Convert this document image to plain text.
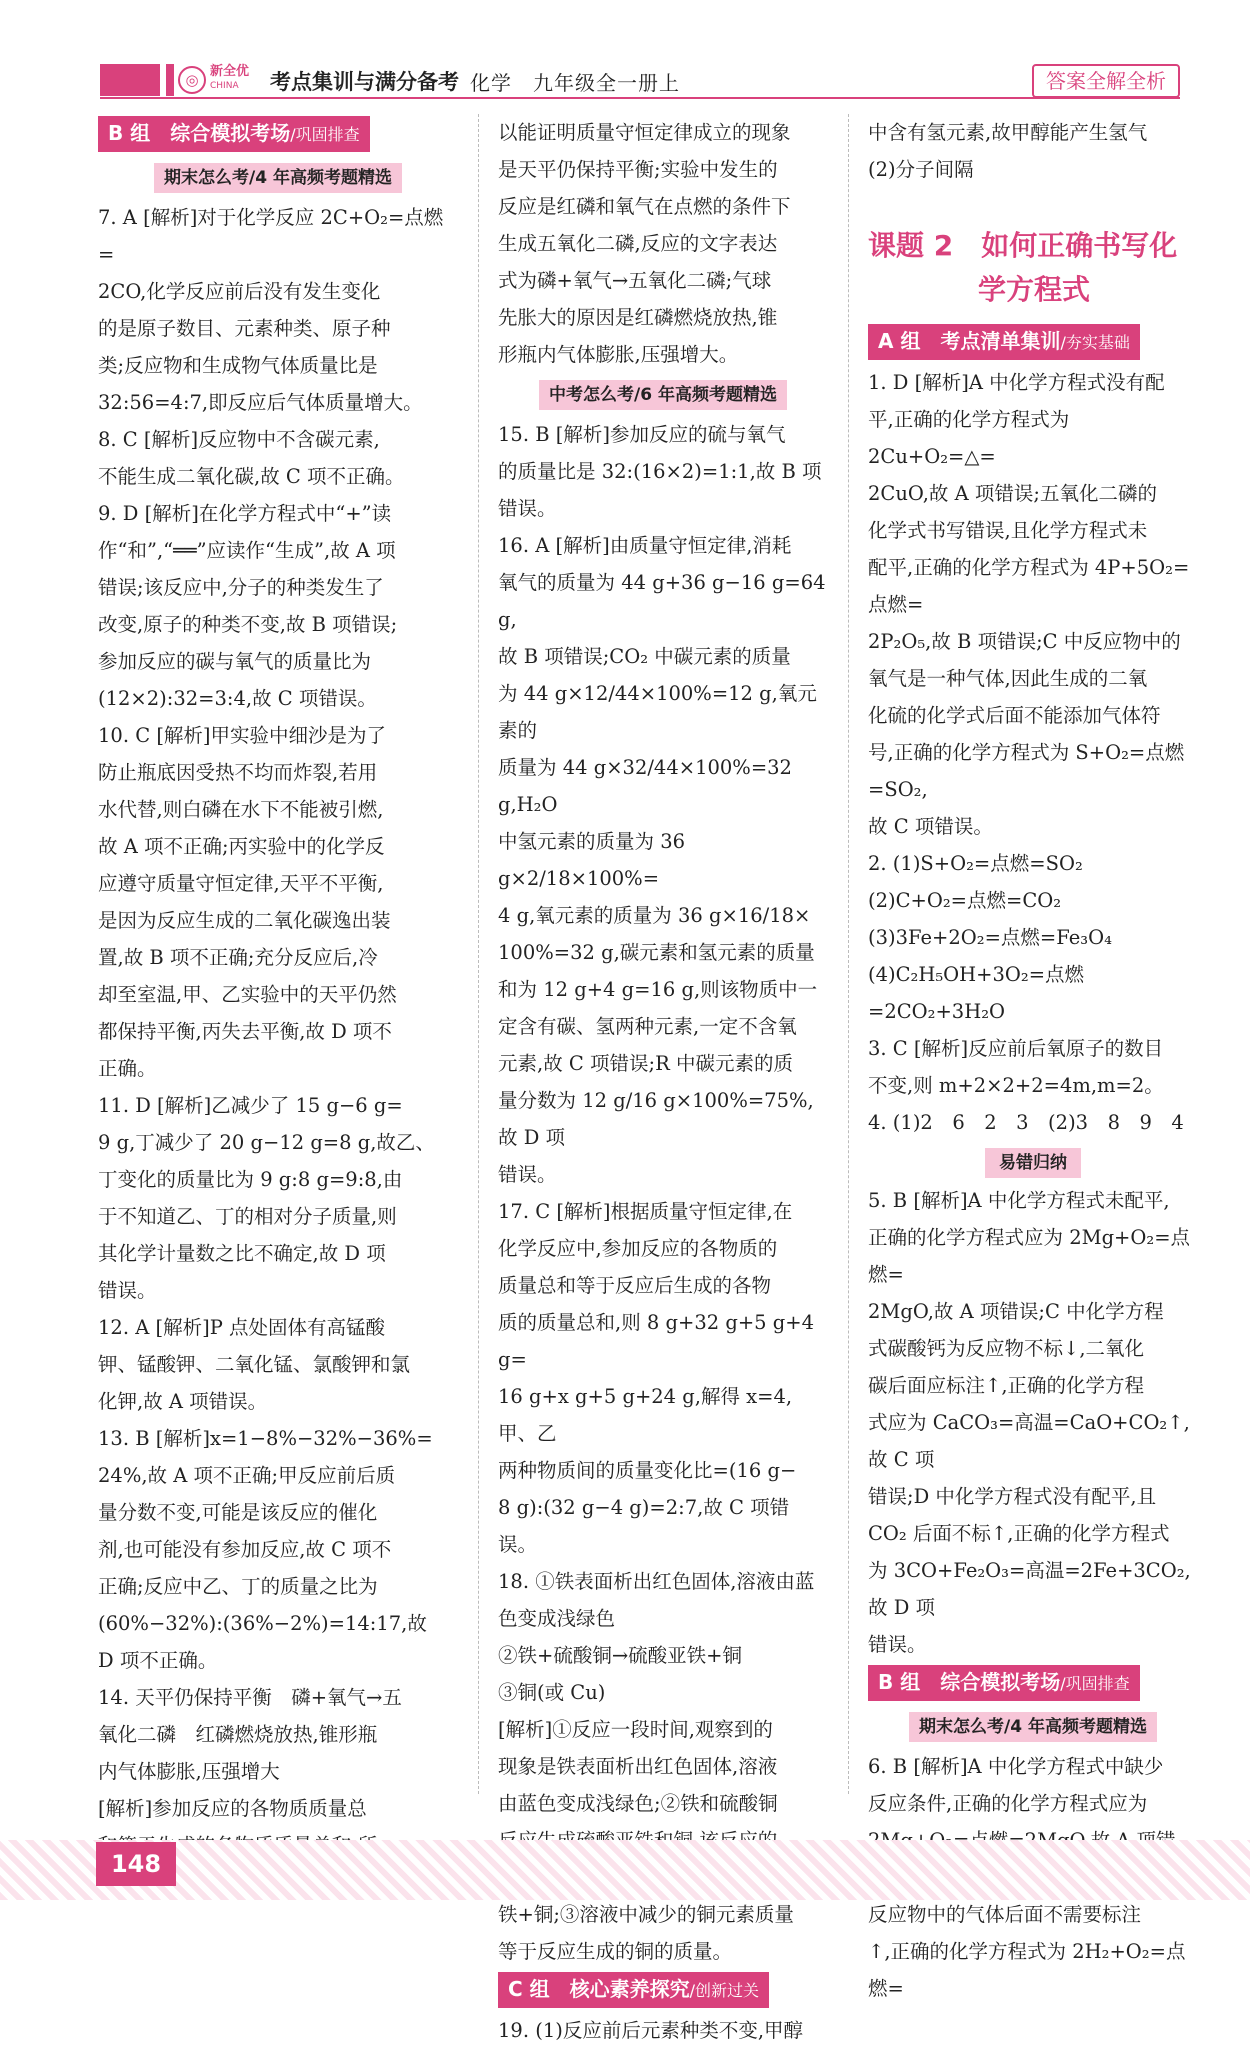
◎ 新全优
CHINA 考点集训与满分备考 化学　九年级全一册上	答案全解全析
B 组　综合模拟考场/巩固排查
期末怎么考/4 年高频考题精选
7. A [解析]对于化学反应 2C+O₂=点燃=
2CO,化学反应前后没有发生变化
的是原子数目、元素种类、原子种
类;反应物和生成物气体质量比是
32:56=4:7,即反应后气体质量增大。
8. C [解析]反应物中不含碳元素,
不能生成二氧化碳,故 C 项不正确。
9. D [解析]在化学方程式中“+”读
作“和”,“══”应读作“生成”,故 A 项
错误;该反应中,分子的种类发生了
改变,原子的种类不变,故 B 项错误;
参加反应的碳与氧气的质量比为
(12×2):32=3:4,故 C 项错误。
10. C [解析]甲实验中细沙是为了
防止瓶底因受热不均而炸裂,若用
水代替,则白磷在水下不能被引燃,
故 A 项不正确;丙实验中的化学反
应遵守质量守恒定律,天平不平衡,
是因为反应生成的二氧化碳逸出装
置,故 B 项不正确;充分反应后,冷
却至室温,甲、乙实验中的天平仍然
都保持平衡,丙失去平衡,故 D 项不
正确。
11. D [解析]乙减少了 15 g−6 g=
9 g,丁减少了 20 g−12 g=8 g,故乙、
丁变化的质量比为 9 g:8 g=9:8,由
于不知道乙、丁的相对分子质量,则
其化学计量数之比不确定,故 D 项
错误。
12. A [解析]P 点处固体有高锰酸
钾、锰酸钾、二氧化锰、氯酸钾和氯
化钾,故 A 项错误。
13. B [解析]x=1−8%−32%−36%=
24%,故 A 项不正确;甲反应前后质
量分数不变,可能是该反应的催化
剂,也可能没有参加反应,故 C 项不
正确;反应中乙、丁的质量之比为
(60%−32%):(36%−2%)=14:17,故
D 项不正确。
14. 天平仍保持平衡　磷+氧气→五
氧化二磷　红磷燃烧放热,锥形瓶
内气体膨胀,压强增大
[解析]参加反应的各物质质量总
以能证明质量守恒定律成立的现象
是天平仍保持平衡;实验中发生的
反应是红磷和氧气在点燃的条件下
生成五氧化二磷,反应的文字表达
式为磷+氧气→五氧化二磷;气球
先胀大的原因是红磷燃烧放热,锥
形瓶内气体膨胀,压强增大。
中考怎么考/6 年高频考题精选
15. B [解析]参加反应的硫与氧气
的质量比是 32:(16×2)=1:1,故 B 项
错误。
16. A [解析]由质量守恒定律,消耗
氧气的质量为 44 g+36 g−16 g=64 g,
故 B 项错误;CO₂ 中碳元素的质量
为 44 g×12/44×100%=12 g,氧元素的
质量为 44 g×32/44×100%=32 g,H₂O
中氢元素的质量为 36 g×2/18×100%=
4 g,氧元素的质量为 36 g×16/18×
100%=32 g,碳元素和氢元素的质量
和为 12 g+4 g=16 g,则该物质中一
定含有碳、氢两种元素,一定不含氧
元素,故 C 项错误;R 中碳元素的质
量分数为 12 g/16 g×100%=75%,故 D 项
错误。
17. C [解析]根据质量守恒定律,在
化学反应中,参加反应的各物质的
质量总和等于反应后生成的各物
质的质量总和,则 8 g+32 g+5 g+4 g=
16 g+x g+5 g+24 g,解得 x=4,甲、乙
两种物质间的质量变化比=(16 g−
8 g):(32 g−4 g)=2:7,故 C 项错误。
18. ①铁表面析出红色固体,溶液由蓝
色变成浅绿色
②铁+硫酸铜→硫酸亚铁+铜
③铜(或 Cu)
[解析]①反应一段时间,观察到的
现象是铁表面析出红色固体,溶液
由蓝色变成浅绿色;②铁和硫酸铜
铁+铜;③溶液中减少的铜元素质量
等于反应生成的铜的质量。
C 组　核心素养探究/创新过关
19. (1)反应前后元素种类不变,甲醇
中含有氢元素,故甲醇能产生氢气
(2)分子间隔
课题 2　如何正确书写化
学方程式
A 组　考点清单集训/夯实基础
1. D [解析]A 中化学方程式没有配
平,正确的化学方程式为 2Cu+O₂=△=
2CuO,故 A 项错误;五氧化二磷的
化学式书写错误,且化学方程式未
配平,正确的化学方程式为 4P+5O₂=点燃=
2P₂O₅,故 B 项错误;C 中反应物中的
氧气是一种气体,因此生成的二氧
化硫的化学式后面不能添加气体符
号,正确的化学方程式为 S+O₂=点燃=SO₂,
故 C 项错误。
2. (1)S+O₂=点燃=SO₂
(2)C+O₂=点燃=CO₂
(3)3Fe+2O₂=点燃=Fe₃O₄
(4)C₂H₅OH+3O₂=点燃=2CO₂+3H₂O
3. C [解析]反应前后氧原子的数目
不变,则 m+2×2+2=4m,m=2。
4. (1)2　6　2　3　(2)3　8　9　4
易错归纳
5. B [解析]A 中化学方程式未配平,
正确的化学方程式应为 2Mg+O₂=点燃=
2MgO,故 A 项错误;C 中化学方程
式碳酸钙为反应物不标↓,二氧化
碳后面应标注↑,正确的化学方程
式应为 CaCO₃=高温=CaO+CO₂↑,故 C 项
错误;D 中化学方程式没有配平,且
CO₂ 后面不标↑,正确的化学方程式
为 3CO+Fe₂O₃=高温=2Fe+3CO₂,故 D 项
错误。
B 组　综合模拟考场/巩固排查
期末怎么考/4 年高频考题精选
6. B [解析]A 中化学方程式中缺少
反应条件,正确的化学方程式应为
反应物中的气体后面不需要标注
↑,正确的化学方程式为 2H₂+O₂=点燃=
148
